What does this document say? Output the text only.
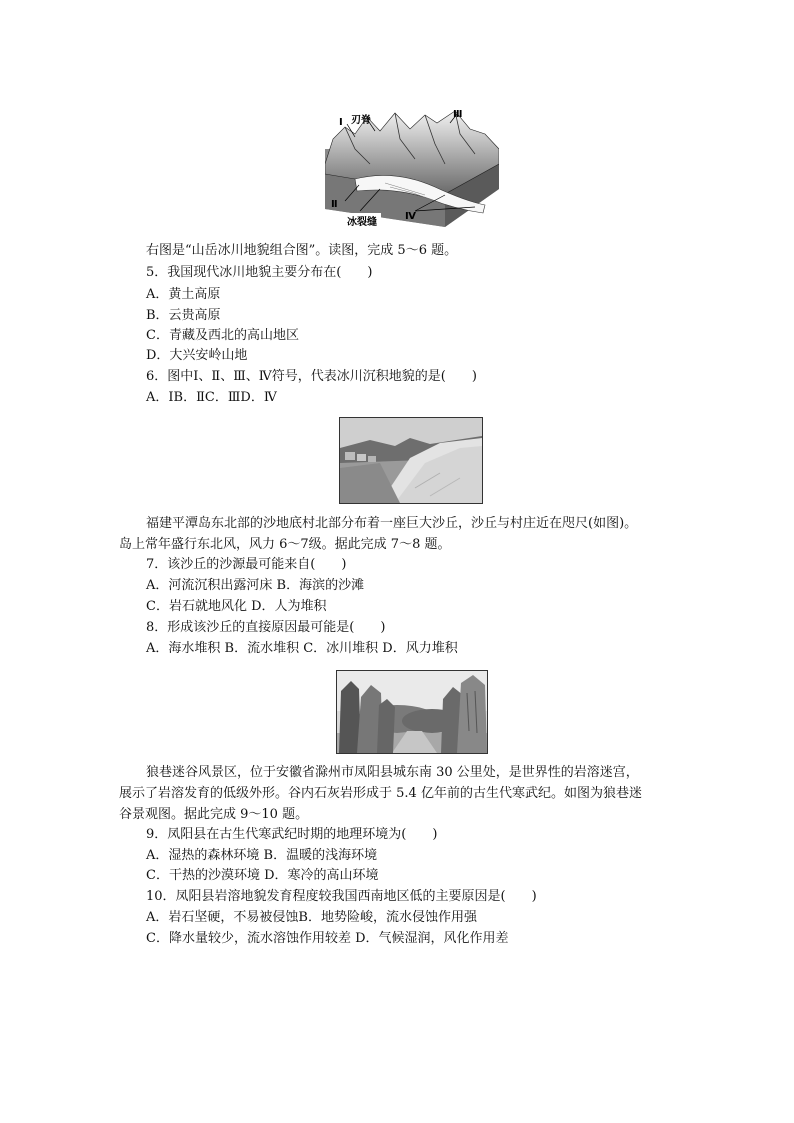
Ⅰ 刃脊
Ⅲ
Ⅱ
冰裂缝
Ⅳ
右图是“山岳冰川地貌组合图”。读图，完成 5～6 题。
5．我国现代冰川地貌主要分布在(　　)
A．黄土高原
B．云贵高原
C．青藏及西北的高山地区
D．大兴安岭山地
6．图中Ⅰ、Ⅱ、Ⅲ、Ⅳ符号，代表冰川沉积地貌的是(　　)
A．ⅠB．ⅡC．ⅢD．Ⅳ
福建平潭岛东北部的沙地底村北部分布着一座巨大沙丘，沙丘与村庄近在咫尺(如图)。
岛上常年盛行东北风，风力 6～7级。据此完成 7～8 题。
7．该沙丘的沙源最可能来自(　　)
A．河流沉积出露河床 B．海滨的沙滩
C．岩石就地风化 D．人为堆积
8．形成该沙丘的直接原因最可能是(　　)
A．海水堆积 B．流水堆积 C．冰川堆积 D．风力堆积
狼巷迷谷风景区，位于安徽省滁州市凤阳县城东南 30 公里处，是世界性的岩溶迷宫，
展示了岩溶发育的低级外形。谷内石灰岩形成于 5.4 亿年前的古生代寒武纪。如图为狼巷迷
谷景观图。据此完成 9～10 题。
9．凤阳县在古生代寒武纪时期的地理环境为(　　)
A．湿热的森林环境 B．温暖的浅海环境
C．干热的沙漠环境 D．寒冷的高山环境
10．凤阳县岩溶地貌发育程度较我国西南地区低的主要原因是(　　)
A．岩石坚硬，不易被侵蚀B．地势险峻，流水侵蚀作用强
C．降水量较少，流水溶蚀作用较差 D．气候湿润，风化作用差
